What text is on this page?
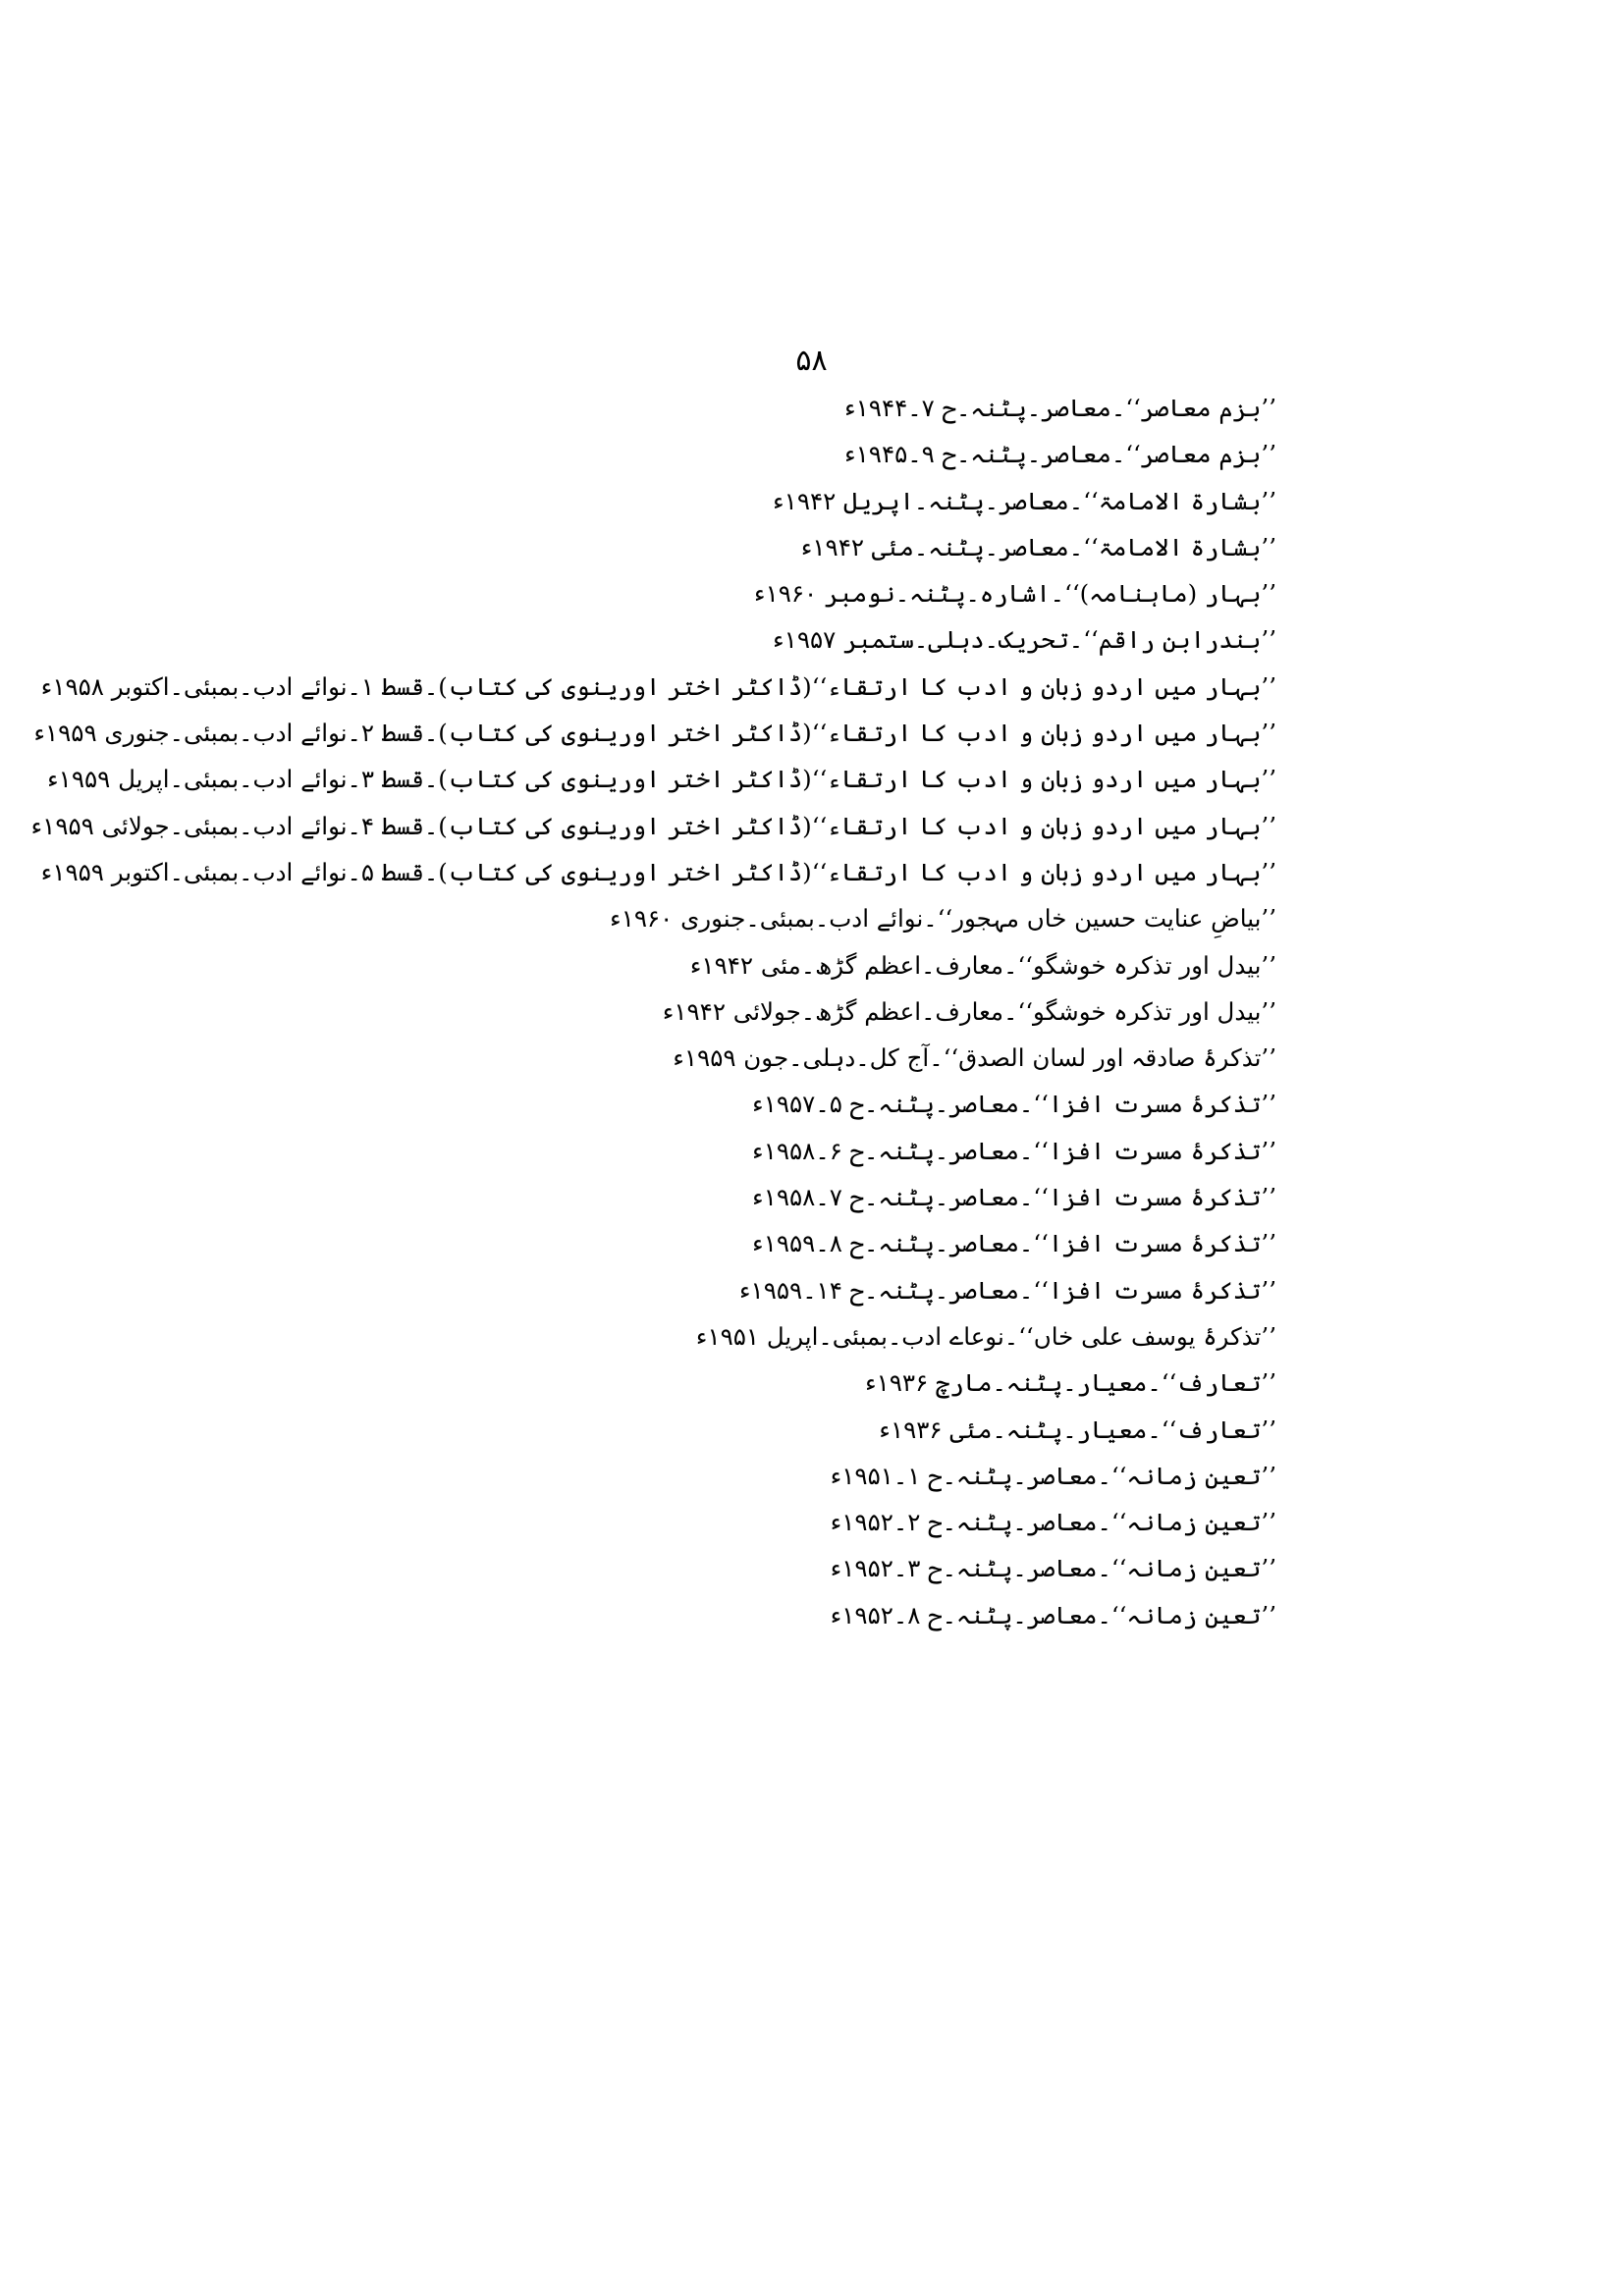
۵۸
’’بزم معاصر‘‘۔معاصر۔پٹنہ۔ح ۷۔۱۹۴۴ء
’’بزم معاصر‘‘۔معاصر۔پٹنہ۔ح ۹۔۱۹۴۵ء
’’بشارۃ الامامۃ‘‘۔معاصر۔پٹنہ۔اپریل ۱۹۴۲ء
’’بشارۃ الامامۃ‘‘۔معاصر۔پٹنہ۔مئی ۱۹۴۲ء
’’بہار (ماہنامہ)‘‘۔اشارہ۔پٹنہ۔نومبر ۱۹۶۰ء
’’بندرابن راقم‘‘۔تحریک۔دہلی۔ستمبر ۱۹۵۷ء
’’بہار میں اردو زبان و ادب کا ارتقاء‘‘(ڈاکٹر اختر اورینوی کی کتاب)۔قسط ۱۔نوائے ادب۔بمبئی۔اکتوبر ۱۹۵۸ء
’’بہار میں اردو زبان و ادب کا ارتقاء‘‘(ڈاکٹر اختر اورینوی کی کتاب)۔قسط ۲۔نوائے ادب۔بمبئی۔جنوری ۱۹۵۹ء
’’بہار میں اردو زبان و ادب کا ارتقاء‘‘(ڈاکٹر اختر اورینوی کی کتاب)۔قسط ۳۔نوائے ادب۔بمبئی۔اپریل ۱۹۵۹ء
’’بہار میں اردو زبان و ادب کا ارتقاء‘‘(ڈاکٹر اختر اورینوی کی کتاب)۔قسط ۴۔نوائے ادب۔بمبئی۔جولائی ۱۹۵۹ء
’’بہار میں اردو زبان و ادب کا ارتقاء‘‘(ڈاکٹر اختر اورینوی کی کتاب)۔قسط ۵۔نوائے ادب۔بمبئی۔اکتوبر ۱۹۵۹ء
’’بیاضِ عنایت حسین خاں مہجور‘‘۔نوائے ادب۔بمبئی۔جنوری ۱۹۶۰ء
’’بیدل اور تذکرہ خوشگو‘‘۔معارف۔اعظم گڑھ۔مئی ۱۹۴۲ء
’’بیدل اور تذکرہ خوشگو‘‘۔معارف۔اعظم گڑھ۔جولائی ۱۹۴۲ء
’’تذکرۂ صادقہ اور لسان الصدق‘‘۔آج کل۔دہلی۔جون ۱۹۵۹ء
’’تذکرۂ مسرت افزا‘‘۔معاصر۔پٹنہ۔ح ۵۔۱۹۵۷ء
’’تذکرۂ مسرت افزا‘‘۔معاصر۔پٹنہ۔ح ۶۔۱۹۵۸ء
’’تذکرۂ مسرت افزا‘‘۔معاصر۔پٹنہ۔ح ۷۔۱۹۵۸ء
’’تذکرۂ مسرت افزا‘‘۔معاصر۔پٹنہ۔ح ۸۔۱۹۵۹ء
’’تذکرۂ مسرت افزا‘‘۔معاصر۔پٹنہ۔ح ۱۴۔۱۹۵۹ء
’’تذکرۂ یوسف علی خاں‘‘۔نوعاے ادب۔بمبئی۔اپریل ۱۹۵۱ء
’’تعارف‘‘۔معیار۔پٹنہ۔مارچ ۱۹۳۶ء
’’تعارف‘‘۔معیار۔پٹنہ۔مئی ۱۹۳۶ء
’’تعین زمانہ‘‘۔معاصر۔پٹنہ۔ح ۱۔۱۹۵۱ء
’’تعین زمانہ‘‘۔معاصر۔پٹنہ۔ح ۲۔۱۹۵۲ء
’’تعین زمانہ‘‘۔معاصر۔پٹنہ۔ح ۳۔۱۹۵۲ء
’’تعین زمانہ‘‘۔معاصر۔پٹنہ۔ح ۸۔۱۹۵۲ء
